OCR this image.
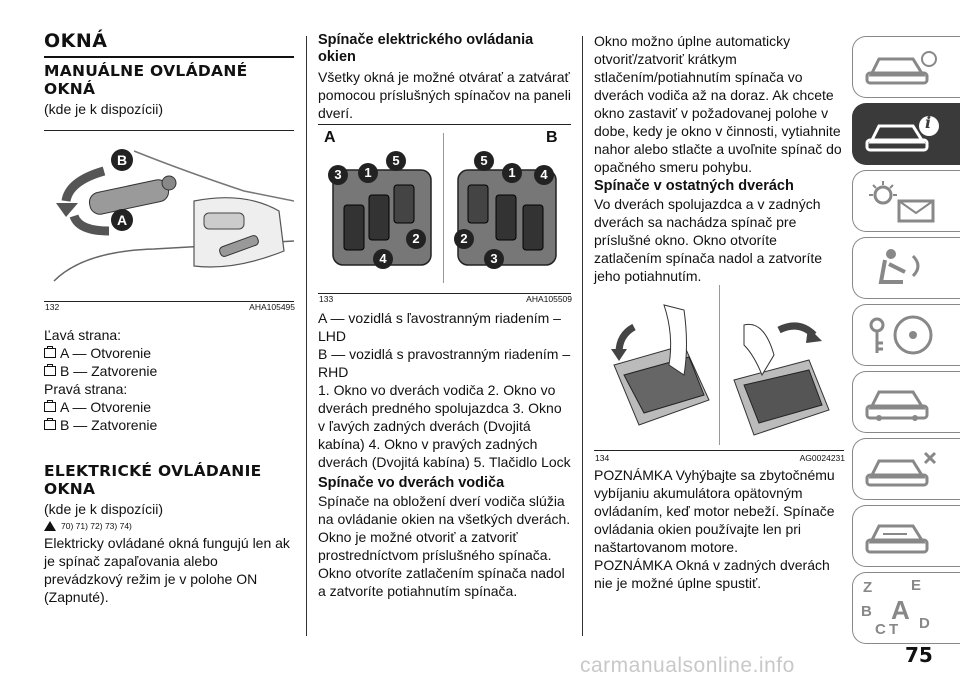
OKNÁ
MANUÁLNE OVLÁDANÉ OKNÁ

(kde je k dispozícii)

B
A
132	AHA105495

Ľavá strana:

A — Otvorenie
B — Zatvorenie

Pravá strana:

A — Otvorenie
B — Zatvorenie
ELEKTRICKÉ OVLÁDANIE OKNA

(kde je k dispozícii)

70) 71) 72) 73) 74)

Elektricky ovládané okná fungujú len ak je spínač zapaľovania alebo prevádzkový režim je v polohe ON (Zapnuté).

Spínače elektrického ovládania okien

Všetky okná je možné otvárať a zatvárať pomocou príslušných spínačov na paneli dverí.

A	B
3	1
5
4
2
5
1	4
2
3
133	AHA105509

A — vozidlá s ľavostranným riadením – LHD
B — vozidlá s pravostranným riadením – RHD
1. Okno vo dverách vodiča 2. Okno vo dverách predného spolujazdca 3. Okno v ľavých zadných dverách (Dvojitá kabína) 4. Okno v pravých zadných dverách (Dvojitá kabína) 5. Tlačidlo Lock

Spínače vo dverách vodiča

Spínače na obložení dverí vodiča slúžia na ovládanie okien na všetkých dverách. Okno je možné otvoriť a zatvoriť prostredníctvom príslušného spínača. Okno otvoríte zatlačením spínača nadol a zatvoríte potiahnutím spínača.

Okno možno úplne automaticky otvoriť/zatvoriť krátkym stlačením/potiahnutím spínača vo dverách vodiča až na doraz. Ak chcete okno zastaviť v požadovanej polohe v dobe, kedy je okno v činnosti, vytiahnite nahor alebo stlačte a uvoľnite spínač do opačného smeru pohybu.

Spínače v ostatných dverách

Vo dverách spolujazdca a v zadných dverách sa nachádza spínač pre príslušné okno. Okno otvoríte zatlačením spínača nadol a zatvoríte jeho potiahnutím.

134	AG0024231

POZNÁMKA Vyhýbajte sa zbytočnému vybíjaniu akumulátora opätovným ovládaním, keď motor nebeží. Spínače ovládania okien používajte len pri naštartovanom motore.

POZNÁMKA Okná v zadných dverách nie je možné úplne spustiť.

i
Z	E
A
B
C T D
75
carmanualsonline.info
